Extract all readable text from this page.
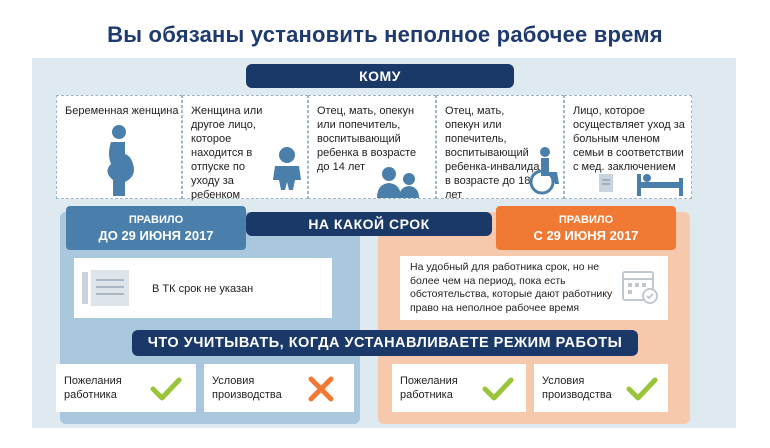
Вы обязаны установить неполное рабочее время
КОМУ
Беременная женщина Женщина или другое лицо, которое находится в отпуске по уходу за ребенком
Отец, мать, опекун или попечитель, воспитывающий ребенка в возрасте до 14 лет
Отец, мать, опекун или попечитель, воспитывающий ребенка-инвалида в возрасте до 18 лет
Лицо, которое осуществляет уход за больным членом семьи в соответствии с мед. заключением
ПРАВИЛО
ДО 29 ИЮНЯ 2017
ПРАВИЛО
С 29 ИЮНЯ 2017
НА КАКОЙ СРОК
В ТК срок не указан
На удобный для работника срок, но не более чем на период, пока есть обстоятельства, которые дают работнику право на неполное рабочее время
ЧТО УЧИТЫВАТЬ, КОГДА УСТАНАВЛИВАЕТЕ РЕЖИМ РАБОТЫ
Пожелания работника
Условия производства
Пожелания работника
Условия производства
